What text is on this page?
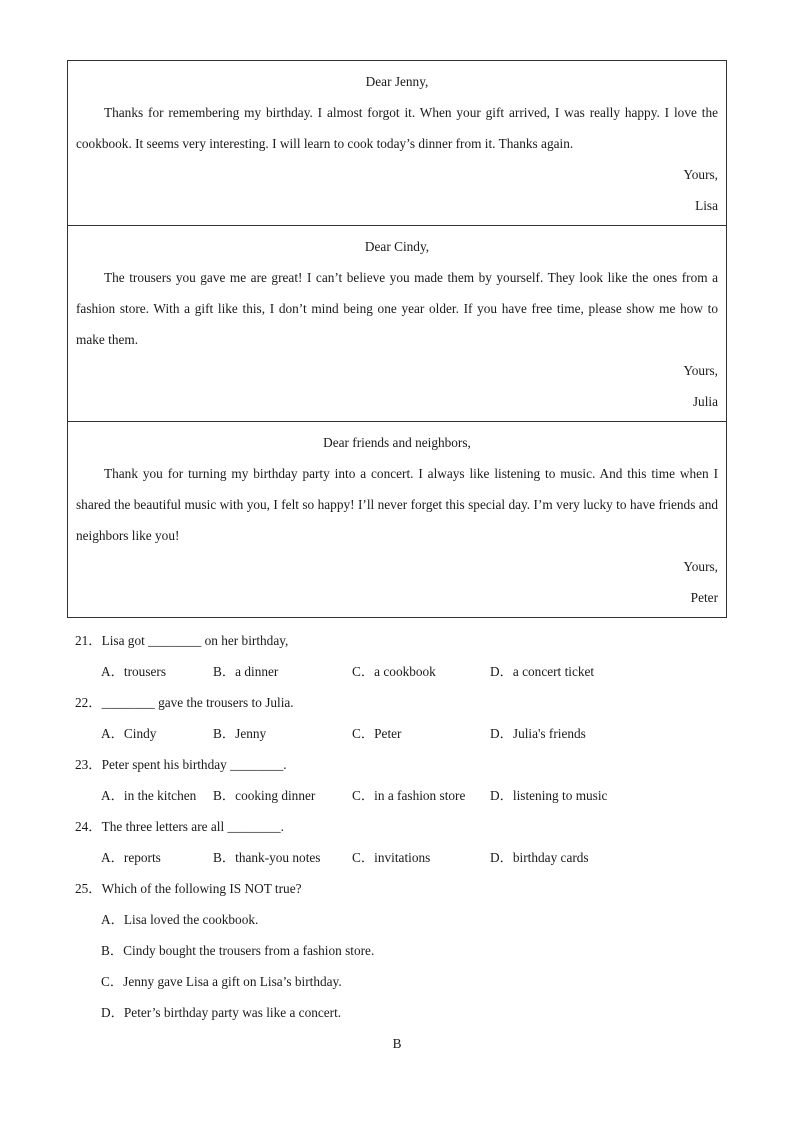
Dear Jenny,
Thanks for remembering my birthday. I almost forgot it. When your gift arrived, I was really happy. I love the cookbook. It seems very interesting. I will learn to cook today’s dinner from it. Thanks again.
Yours,
Lisa
Dear Cindy,
The trousers you gave me are great! I can’t believe you made them by yourself. They look like the ones from a fashion store. With a gift like this, I don’t mind being one year older. If you have free time, please show me how to make them.
Yours,
Julia
Dear friends and neighbors,
Thank you for turning my birthday party into a concert. I always like listening to music. And this time when I shared the beautiful music with you, I felt so happy! I’ll never forget this special day. I’m very lucky to have friends and neighbors like you!
Yours,
Peter
21．Lisa got ________ on her birthday,
A．trousers	B．a dinner	C．a cookbook	D．a concert ticket
22．________ gave the trousers to Julia.
A．Cindy	B．Jenny	C．Peter	D．Julia's friends
23．Peter spent his birthday ________.
A．in the kitchen	B．cooking dinner	C．in a fashion store	D．listening to music
24．The three letters are all ________.
A．reports	B．thank-you notes	C．invitations	D．birthday cards
25．Which of the following IS NOT true?
A．Lisa loved the cookbook.
B．Cindy bought the trousers from a fashion store.
C．Jenny gave Lisa a gift on Lisa’s birthday.
D．Peter’s birthday party was like a concert.
B
